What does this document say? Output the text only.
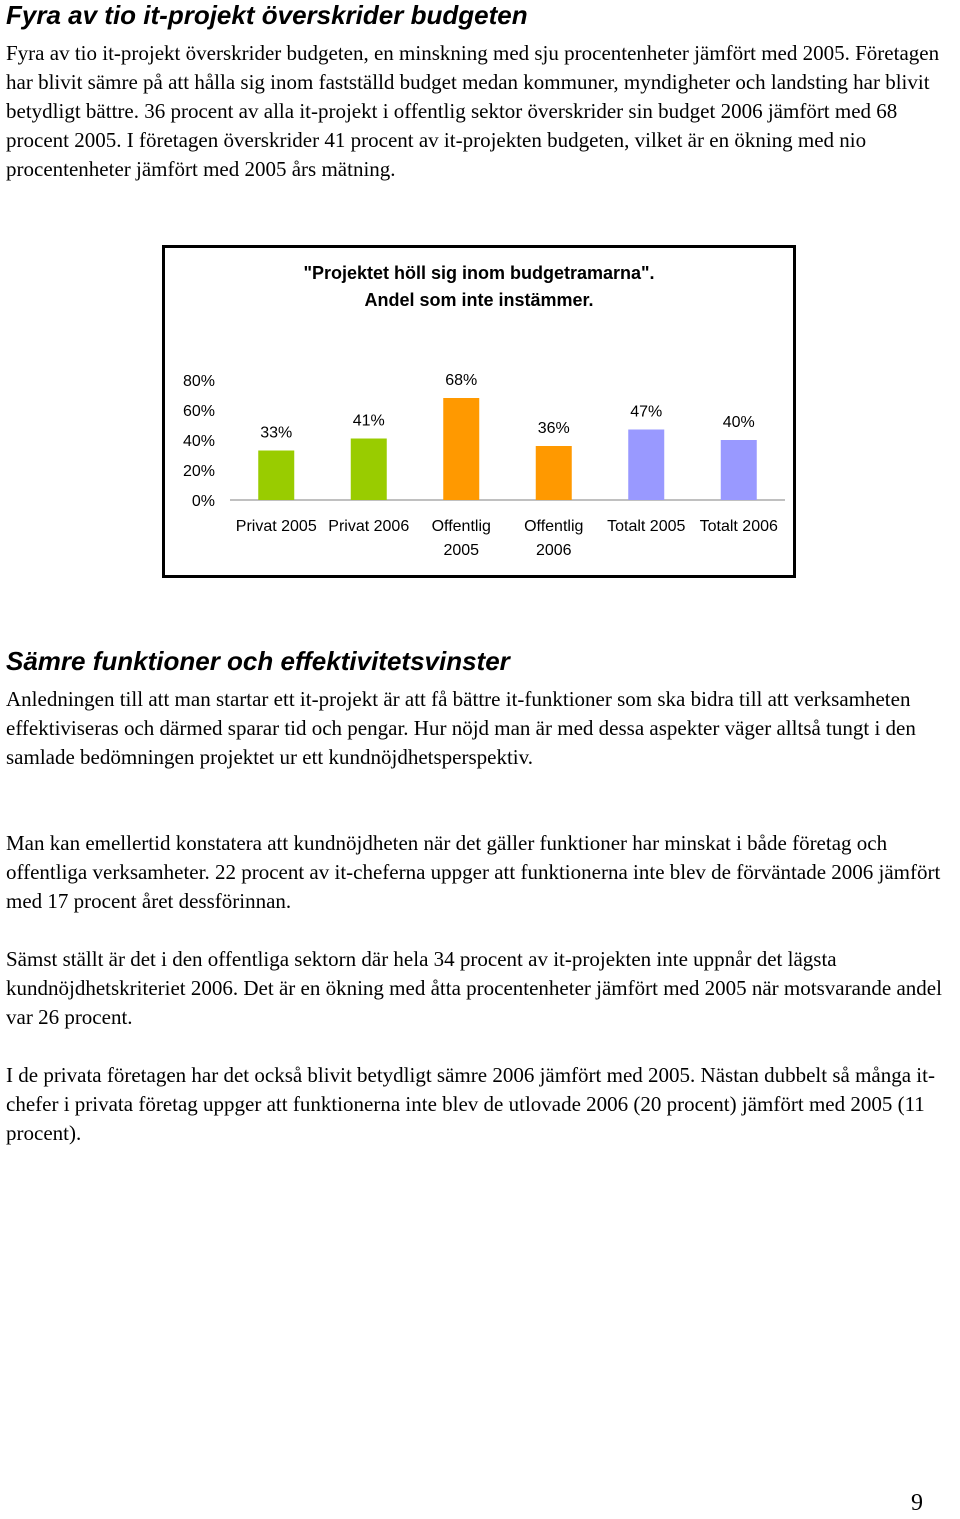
Fyra av tio it-projekt överskrider budgeten

Fyra av tio it-projekt överskrider budgeten, en minskning med sju procentenheter jämfört med 2005. Företagen har blivit sämre på att hålla sig inom fastställd budget medan kommuner, myndigheter och landsting har blivit betydligt bättre. 36 procent av alla it-projekt i offentlig sektor överskrider sin budget 2006 jämfört med 68 procent 2005. I företagen överskrider 41 procent av it-projekten budgeten, vilket är en ökning med nio procentenheter jämfört med 2005 års mätning.

"Projektet höll sig inom budgetramarna".
Andel som inte instämmer.
0%
20%
40%
60%
80%
33%
Privat 2005
41%
Privat 2006
68%
Offentlig
2005
36%
Offentlig
2006
47%
Totalt 2005
40%
Totalt 2006
Sämre funktioner och effektivitetsvinster

Anledningen till att man startar ett it-projekt är att få bättre it-funktioner som ska bidra till att verksamheten effektiviseras och därmed sparar tid och pengar. Hur nöjd man är med dessa aspekter väger alltså tungt i den samlade bedömningen projektet ur ett kundnöjdhetsperspektiv.

Man kan emellertid konstatera att kundnöjdheten när det gäller funktioner har minskat i både företag och offentliga verksamheter. 22 procent av it-cheferna uppger att funktionerna inte blev de förväntade 2006 jämfört med 17 procent året dessförinnan.

Sämst ställt är det i den offentliga sektorn där hela 34 procent av it-projekten inte uppnår det lägsta kundnöjdhetskriteriet 2006. Det är en ökning med åtta procentenheter jämfört med 2005 när motsvarande andel var 26 procent.

I de privata företagen har det också blivit betydligt sämre 2006 jämfört med 2005. Nästan dubbelt så många it-chefer i privata företag uppger att funktionerna inte blev de utlovade 2006 (20 procent) jämfört med 2005 (11 procent).

9
